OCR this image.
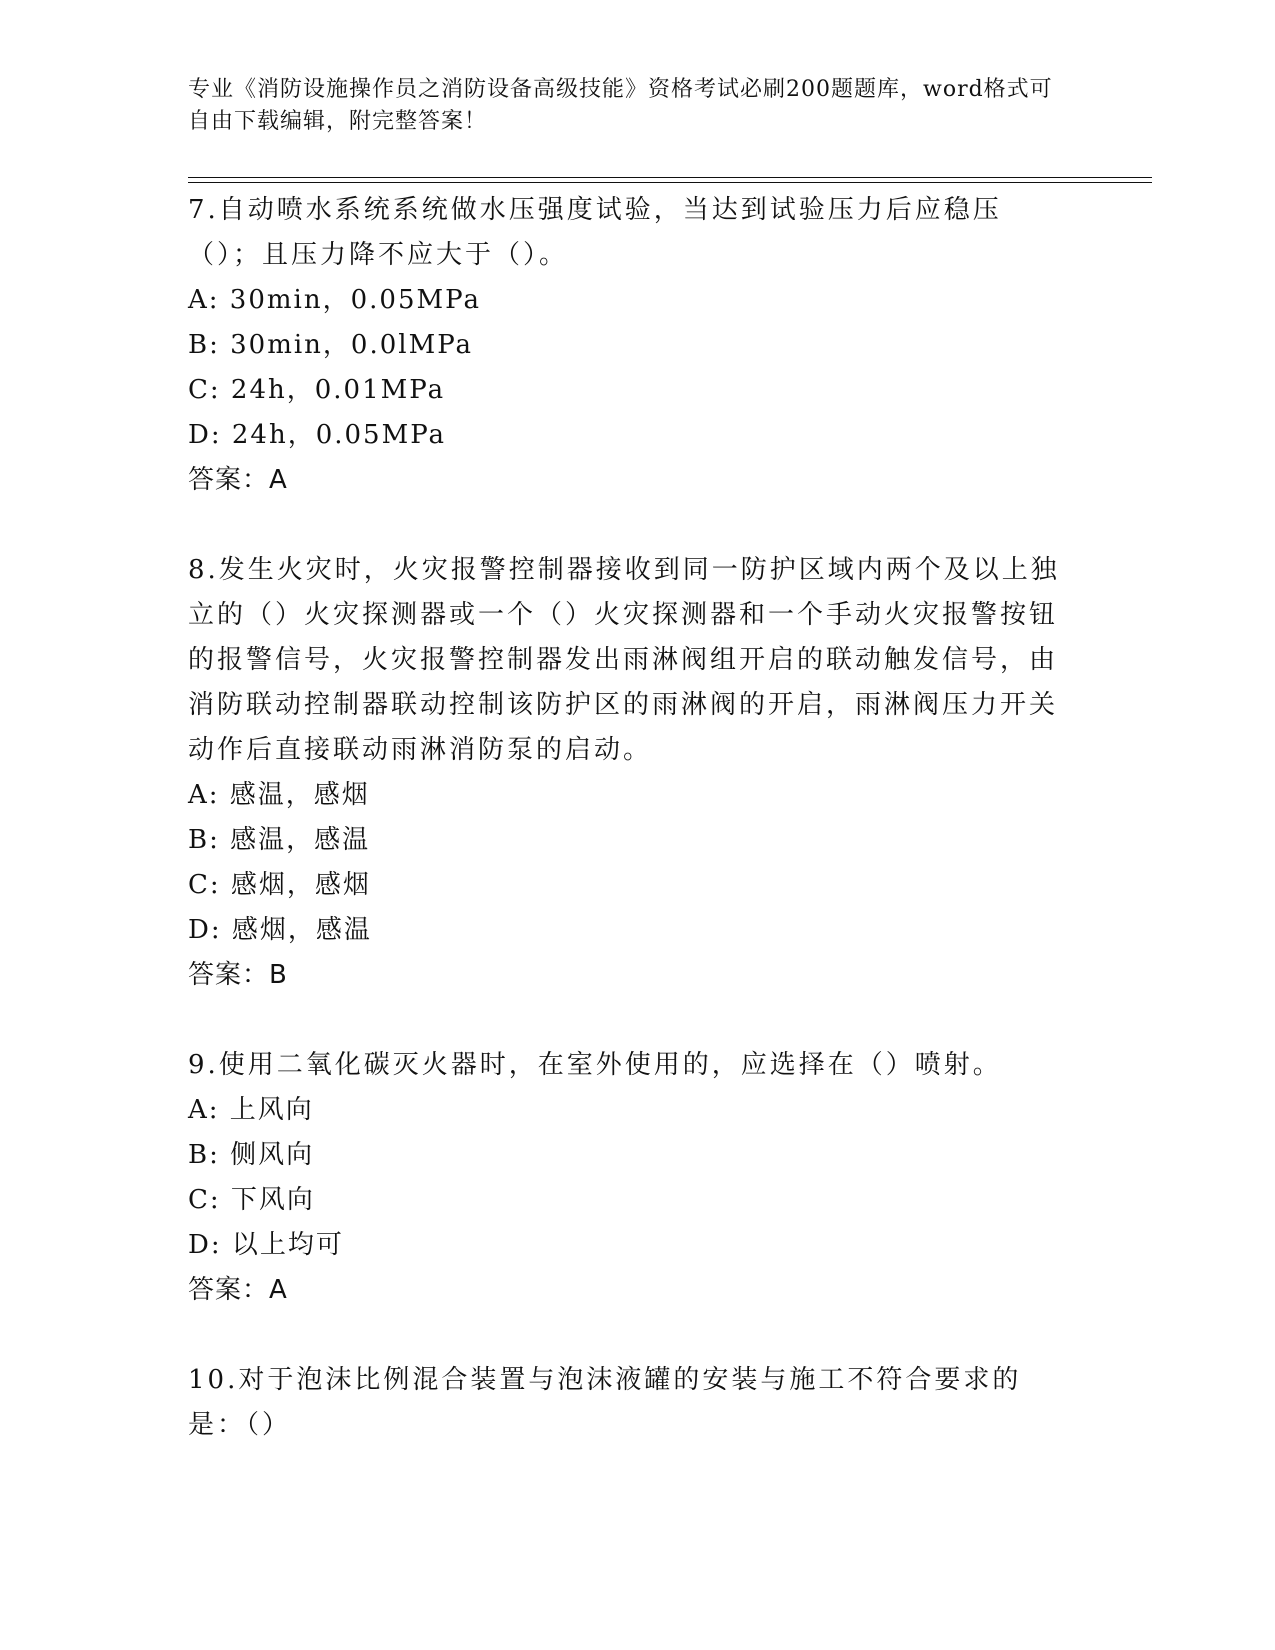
专业《消防设施操作员之消防设备高级技能》资格考试必刷200题题库，word格式可自由下载编辑，附完整答案！
7.自动喷水系统系统做水压强度试验，当达到试验压力后应稳压（）；且压力降不应大于（）。
A: 30min，0.05MPa
B: 30min，0.0lMPa
C: 24h，0.01MPa
D: 24h，0.05MPa
答案：A
8.发生火灾时，火灾报警控制器接收到同一防护区域内两个及以上独立的（）火灾探测器或一个（）火灾探测器和一个手动火灾报警按钮的报警信号，火灾报警控制器发出雨淋阀组开启的联动触发信号，由消防联动控制器联动控制该防护区的雨淋阀的开启，雨淋阀压力开关动作后直接联动雨淋消防泵的启动。
A: 感温，感烟
B: 感温，感温
C: 感烟，感烟
D: 感烟，感温
答案：B
9.使用二氧化碳灭火器时，在室外使用的，应选择在（）喷射。
A: 上风向
B: 侧风向
C: 下风向
D: 以上均可
答案：A
10.对于泡沫比例混合装置与泡沫液罐的安装与施工不符合要求的是：（）
